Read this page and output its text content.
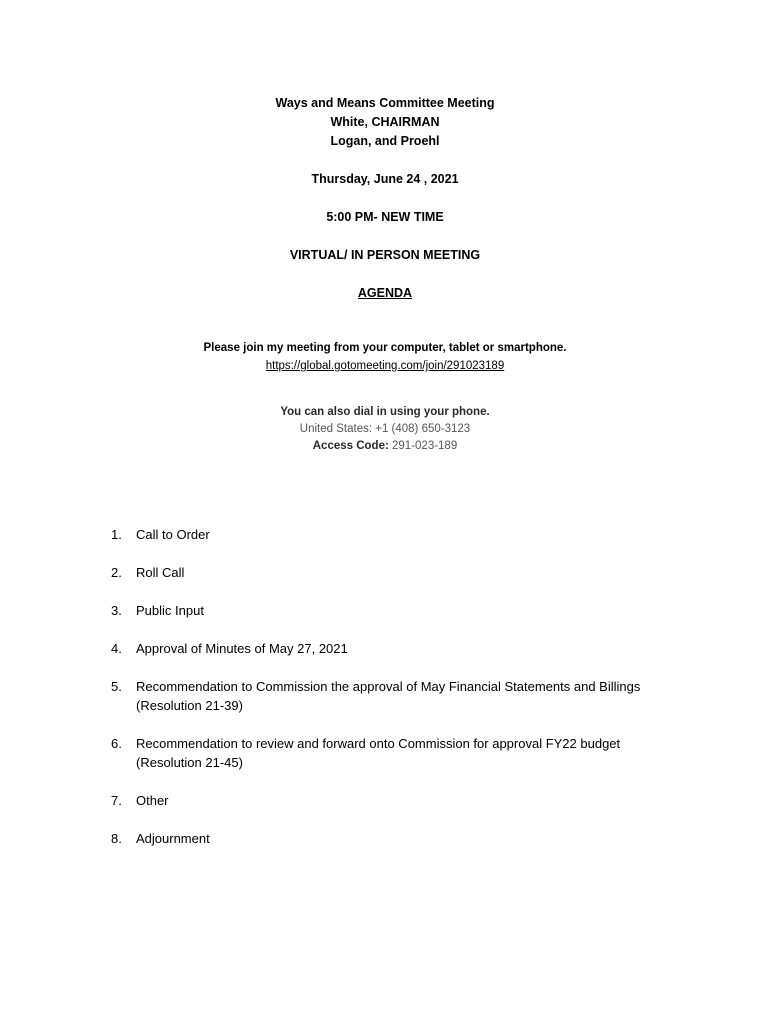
Ways and Means Committee Meeting
White, CHAIRMAN
Logan, and Proehl
Thursday, June 24 , 2021
5:00 PM- NEW TIME
VIRTUAL/ IN PERSON MEETING
AGENDA
Please join my meeting from your computer, tablet or smartphone.
https://global.gotomeeting.com/join/291023189
You can also dial in using your phone.
United States: +1 (408) 650-3123
Access Code: 291-023-189
1.	Call to Order
2.	Roll Call
3.	Public Input
4.	Approval of Minutes of May 27, 2021
5.	Recommendation to Commission the approval of May Financial Statements and Billings
(Resolution 21-39)
6.	Recommendation to review and forward onto Commission for approval FY22 budget
(Resolution 21-45)
7.	Other
8.	Adjournment
